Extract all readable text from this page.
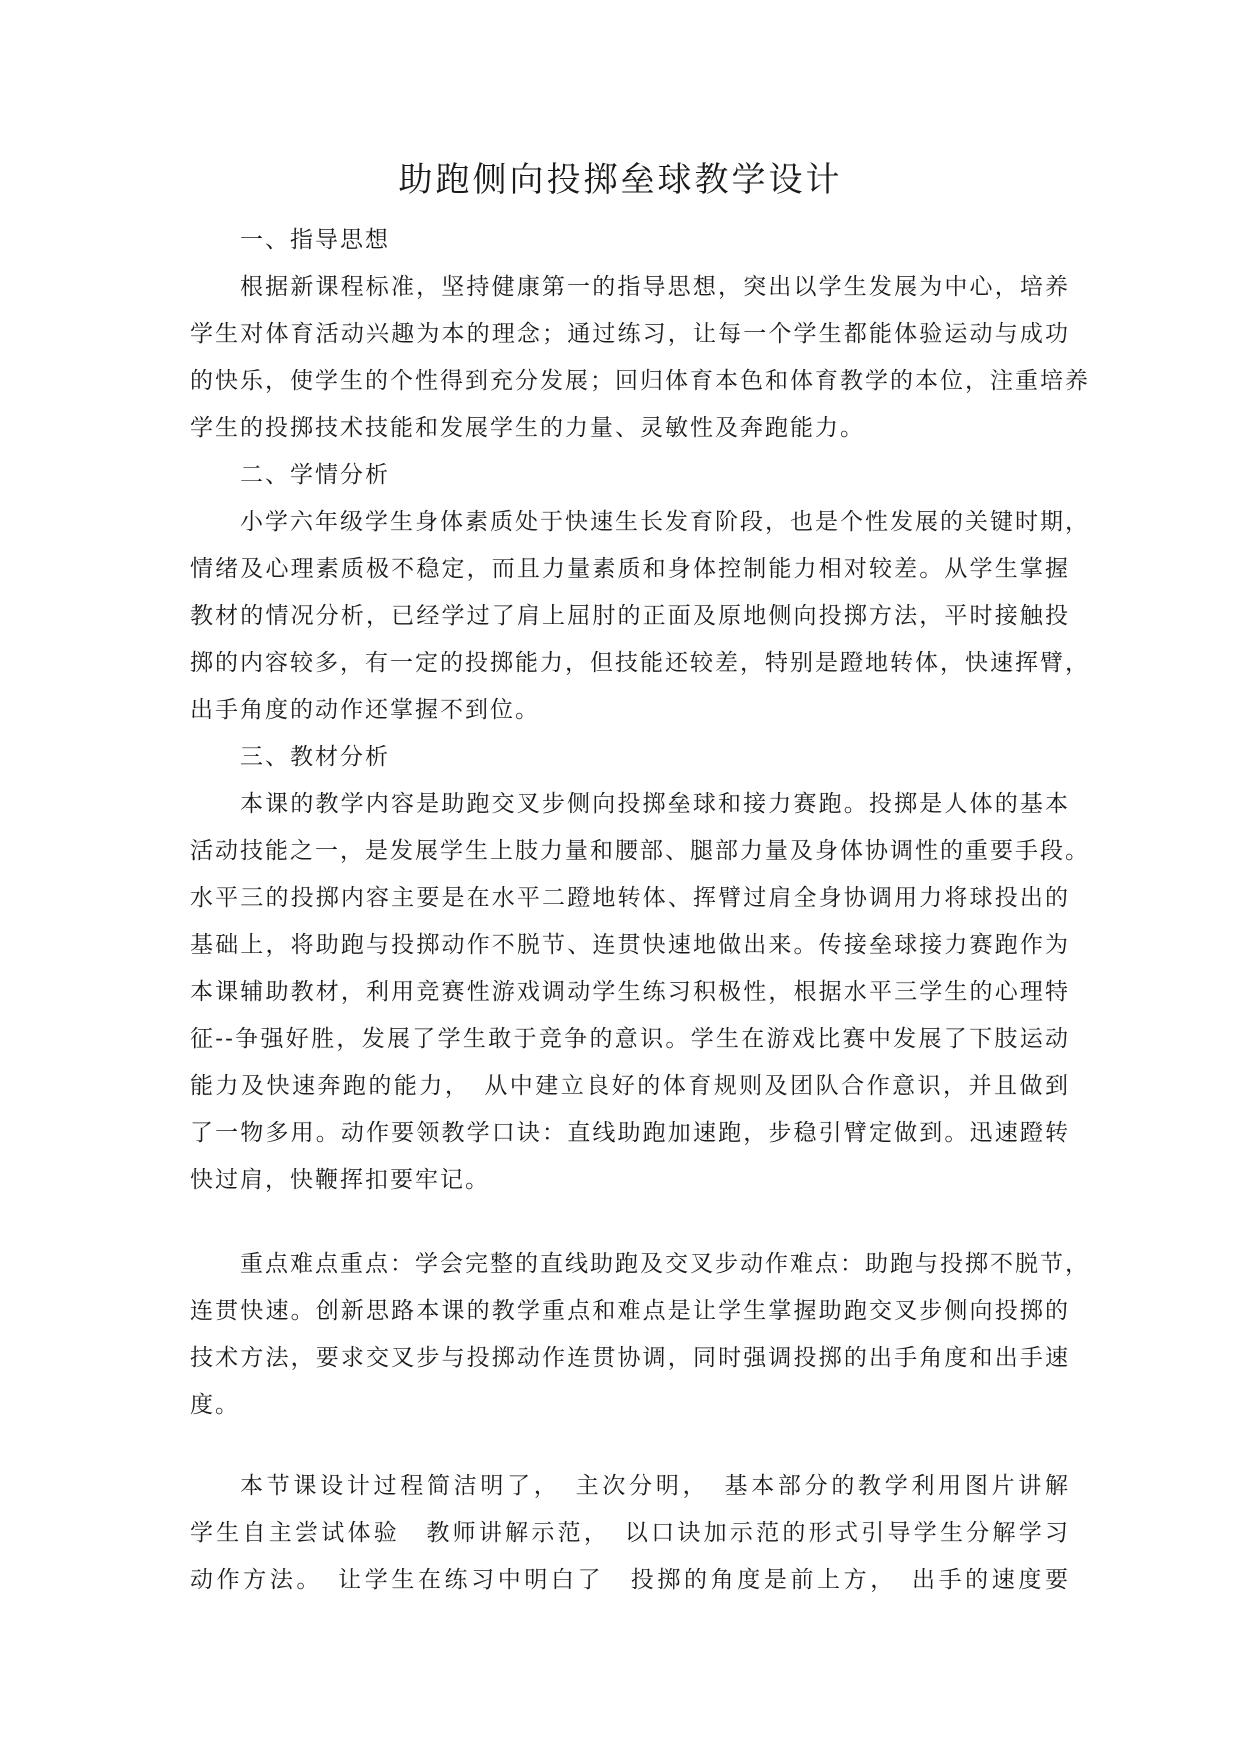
助跑侧向投掷垒球教学设计
一、指导思想
根据新课程标准，坚持健康第一的指导思想，突出以学生发展为中心，培养
学生对体育活动兴趣为本的理念；通过练习，让每一个学生都能体验运动与成功
的快乐，使学生的个性得到充分发展；回归体育本色和体育教学的本位，注重培养
学生的投掷技术技能和发展学生的力量、灵敏性及奔跑能力。
二、学情分析
小学六年级学生身体素质处于快速生长发育阶段，也是个性发展的关键时期，
情绪及心理素质极不稳定，而且力量素质和身体控制能力相对较差。从学生掌握
教材的情况分析，已经学过了肩上屈肘的正面及原地侧向投掷方法，平时接触投
掷的内容较多，有一定的投掷能力，但技能还较差，特别是蹬地转体，快速挥臂，
出手角度的动作还掌握不到位。
三、教材分析
本课的教学内容是助跑交叉步侧向投掷垒球和接力赛跑。投掷是人体的基本
活动技能之一，是发展学生上肢力量和腰部、腿部力量及身体协调性的重要手段。
水平三的投掷内容主要是在水平二蹬地转体、挥臂过肩全身协调用力将球投出的
基础上，将助跑与投掷动作不脱节、连贯快速地做出来。传接垒球接力赛跑作为
本课辅助教材，利用竞赛性游戏调动学生练习积极性，根据水平三学生的心理特
征--争强好胜，发展了学生敢于竞争的意识。学生在游戏比赛中发展了下肢运动
能力及快速奔跑的能力，　从中建立良好的体育规则及团队合作意识，并且做到
了一物多用。动作要领教学口诀：直线助跑加速跑，步稳引臂定做到。迅速蹬转
快过肩，快鞭挥扣要牢记。
重点难点重点：学会完整的直线助跑及交叉步动作难点：助跑与投掷不脱节，
连贯快速。创新思路本课的教学重点和难点是让学生掌握助跑交叉步侧向投掷的
技术方法，要求交叉步与投掷动作连贯协调，同时强调投掷的出手角度和出手速
度。
本节课设计过程简洁明了，　主次分明，　基本部分的教学利用图片讲解
学生自主尝试体验　教师讲解示范，　以口诀加示范的形式引导学生分解学习
动作方法。　让学生在练习中明白了　投掷的角度是前上方，　出手的速度要
